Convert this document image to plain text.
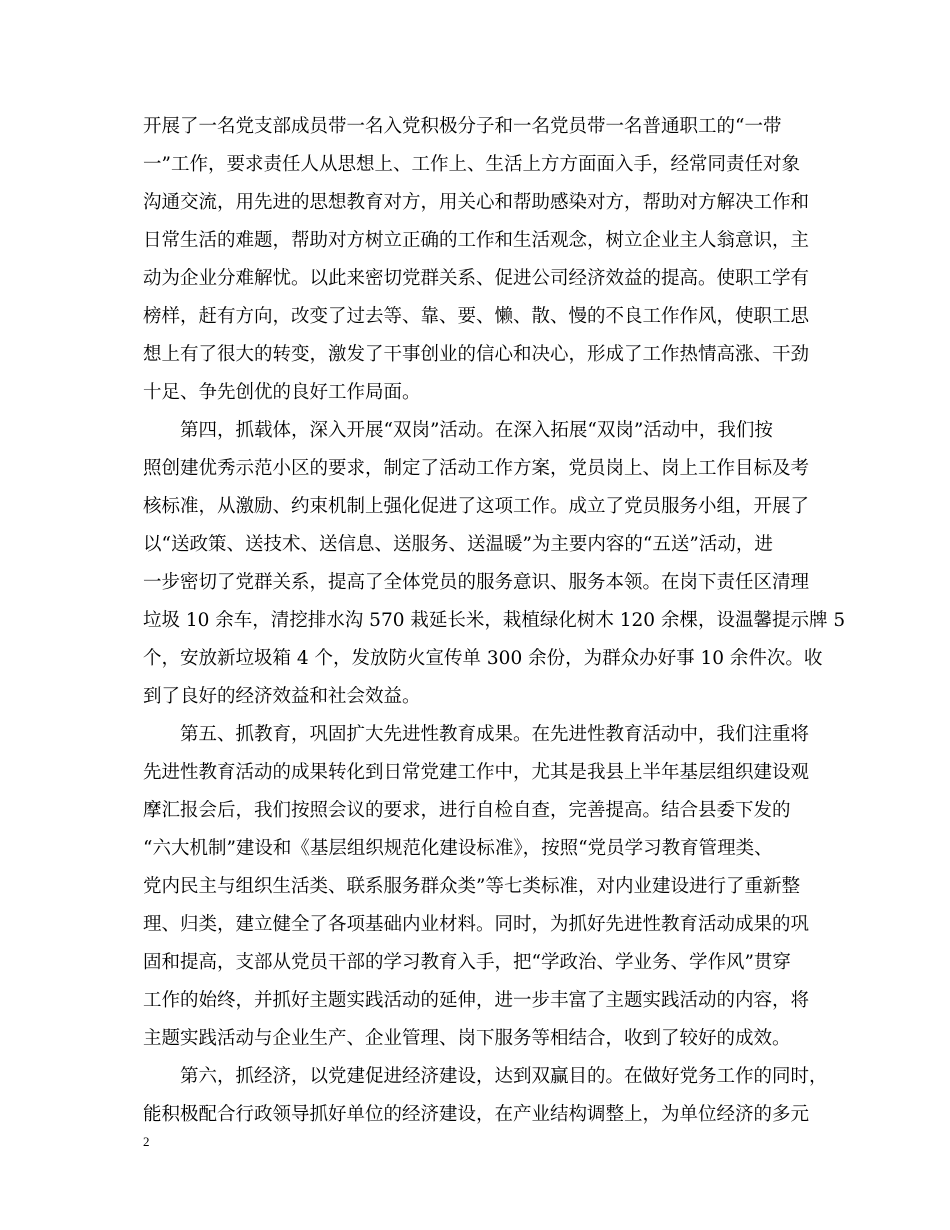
开展了一名党支部成员带一名入党积极分子和一名党员带一名普通职工的“一带
一”工作，要求责任人从思想上、工作上、生活上方方面面入手，经常同责任对象
沟通交流，用先进的思想教育对方，用关心和帮助感染对方，帮助对方解决工作和
日常生活的难题，帮助对方树立正确的工作和生活观念，树立企业主人翁意识，主
动为企业分难解忧。以此来密切党群关系、促进公司经济效益的提高。使职工学有
榜样，赶有方向，改变了过去等、靠、要、懒、散、慢的不良工作作风，使职工思
想上有了很大的转变，激发了干事创业的信心和决心，形成了工作热情高涨、干劲
十足、争先创优的良好工作局面。
第四，抓载体，深入开展“双岗”活动。在深入拓展“双岗”活动中，我们按
照创建优秀示范小区的要求，制定了活动工作方案，党员岗上、岗上工作目标及考
核标准，从激励、约束机制上强化促进了这项工作。成立了党员服务小组，开展了
以“送政策、送技术、送信息、送服务、送温暖”为主要内容的“五送”活动，进
一步密切了党群关系，提高了全体党员的服务意识、服务本领。在岗下责任区清理
垃圾 10 余车，清挖排水沟 570 栽延长米，栽植绿化树木 120 余棵，设温馨提示牌 5
个，安放新垃圾箱 4 个，发放防火宣传单 300 余份，为群众办好事 10 余件次。收
到了良好的经济效益和社会效益。
第五、抓教育，巩固扩大先进性教育成果。在先进性教育活动中，我们注重将
先进性教育活动的成果转化到日常党建工作中，尤其是我县上半年基层组织建设观
摩汇报会后，我们按照会议的要求，进行自检自查，完善提高。结合县委下发的
“六大机制”建设和《基层组织规范化建设标准》，按照“党员学习教育管理类、
党内民主与组织生活类、联系服务群众类”等七类标准，对内业建设进行了重新整
理、归类，建立健全了各项基础内业材料。同时，为抓好先进性教育活动成果的巩
固和提高，支部从党员干部的学习教育入手，把“学政治、学业务、学作风”贯穿
工作的始终，并抓好主题实践活动的延伸，进一步丰富了主题实践活动的内容，将
主题实践活动与企业生产、企业管理、岗下服务等相结合，收到了较好的成效。
第六，抓经济，以党建促进经济建设，达到双赢目的。在做好党务工作的同时，
能积极配合行政领导抓好单位的经济建设，在产业结构调整上，为单位经济的多元
2
